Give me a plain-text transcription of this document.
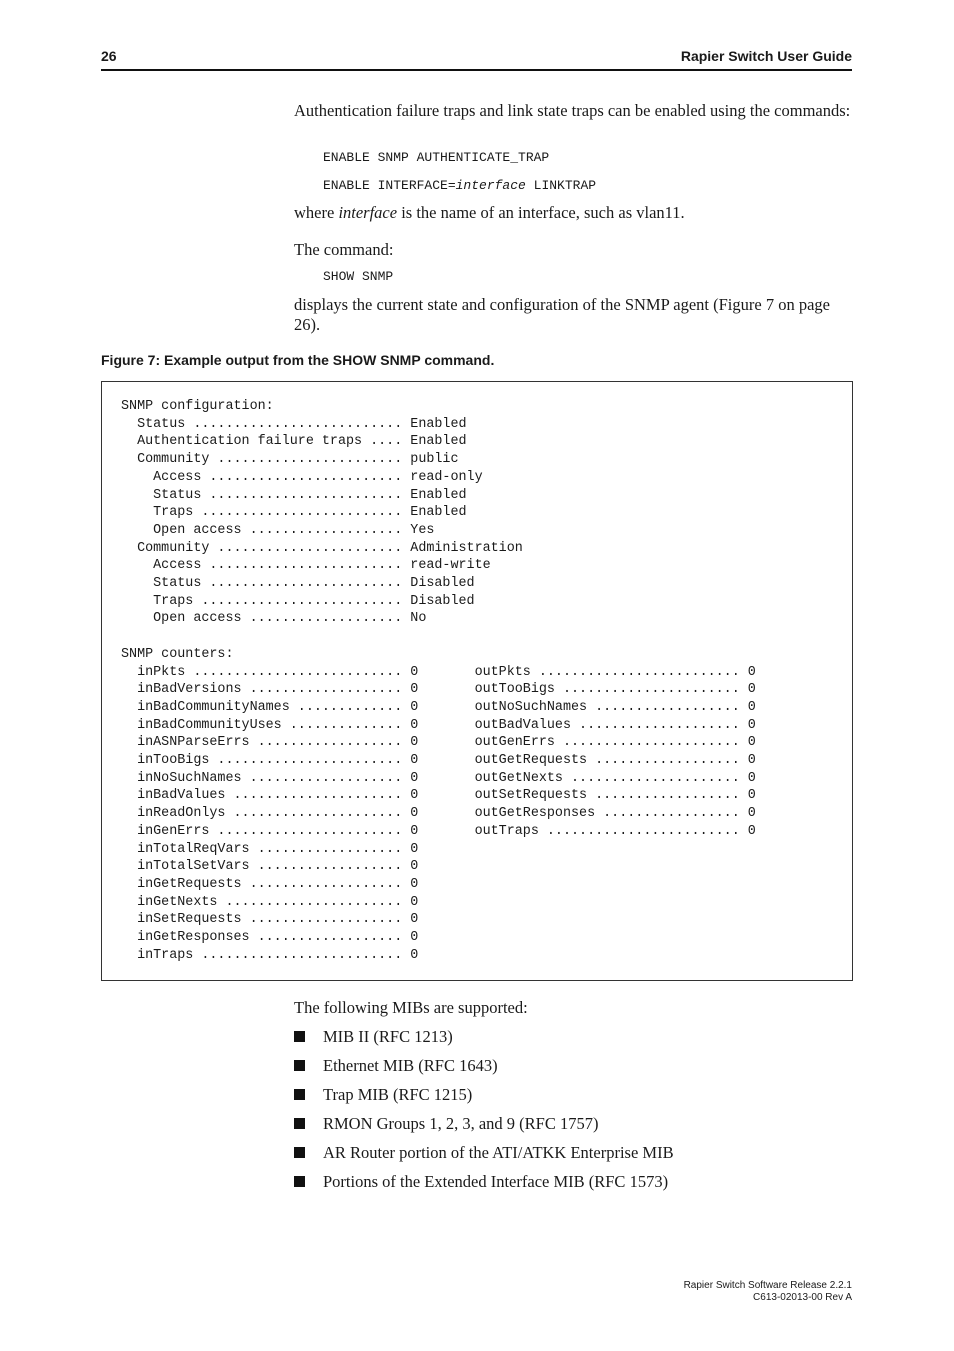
26	Rapier Switch User Guide
Authentication failure traps and link state traps can be enabled using the commands:
ENABLE SNMP AUTHENTICATE_TRAP
ENABLE INTERFACE=interface LINKTRAP
where interface is the name of an interface, such as vlan11.
The command:
SHOW SNMP
displays the current state and configuration of the SNMP agent (Figure 7 on page 26).
Figure 7: Example output from the SHOW SNMP command.
SNMP configuration:
Status .......................... Enabled
Authentication failure traps .... Enabled
Community ....................... public
Access ........................ read-only
Status ........................ Enabled
Traps ......................... Enabled
Open access ................... Yes
Community ....................... Administration
Access ........................ read-write
Status ........................ Disabled
Traps ......................... Disabled
Open access ................... No

SNMP counters:
inPkts .......................... 0       outPkts ......................... 0
inBadVersions ................... 0       outTooBigs ...................... 0
inBadCommunityNames ............. 0       outNoSuchNames .................. 0
inBadCommunityUses .............. 0       outBadValues .................... 0
inASNParseErrs .................. 0       outGenErrs ...................... 0
inTooBigs ....................... 0       outGetRequests .................. 0
inNoSuchNames ................... 0       outGetNexts ..................... 0
inBadValues ..................... 0       outSetRequests .................. 0
inReadOnlys ..................... 0       outGetResponses ................. 0
inGenErrs ....................... 0       outTraps ........................ 0
inTotalReqVars .................. 0
inTotalSetVars .................. 0
inGetRequests ................... 0
inGetNexts ...................... 0
inSetRequests ................... 0
inGetResponses .................. 0
inTraps ......................... 0
The following MIBs are supported:
MIB II (RFC 1213)
Ethernet MIB (RFC 1643)
Trap MIB (RFC 1215)
RMON Groups 1, 2, 3, and 9 (RFC 1757)
AR Router portion of the ATI/ATKK Enterprise MIB
Portions of the Extended Interface MIB (RFC 1573)
Rapier Switch Software Release 2.2.1
C613-02013-00 Rev A
